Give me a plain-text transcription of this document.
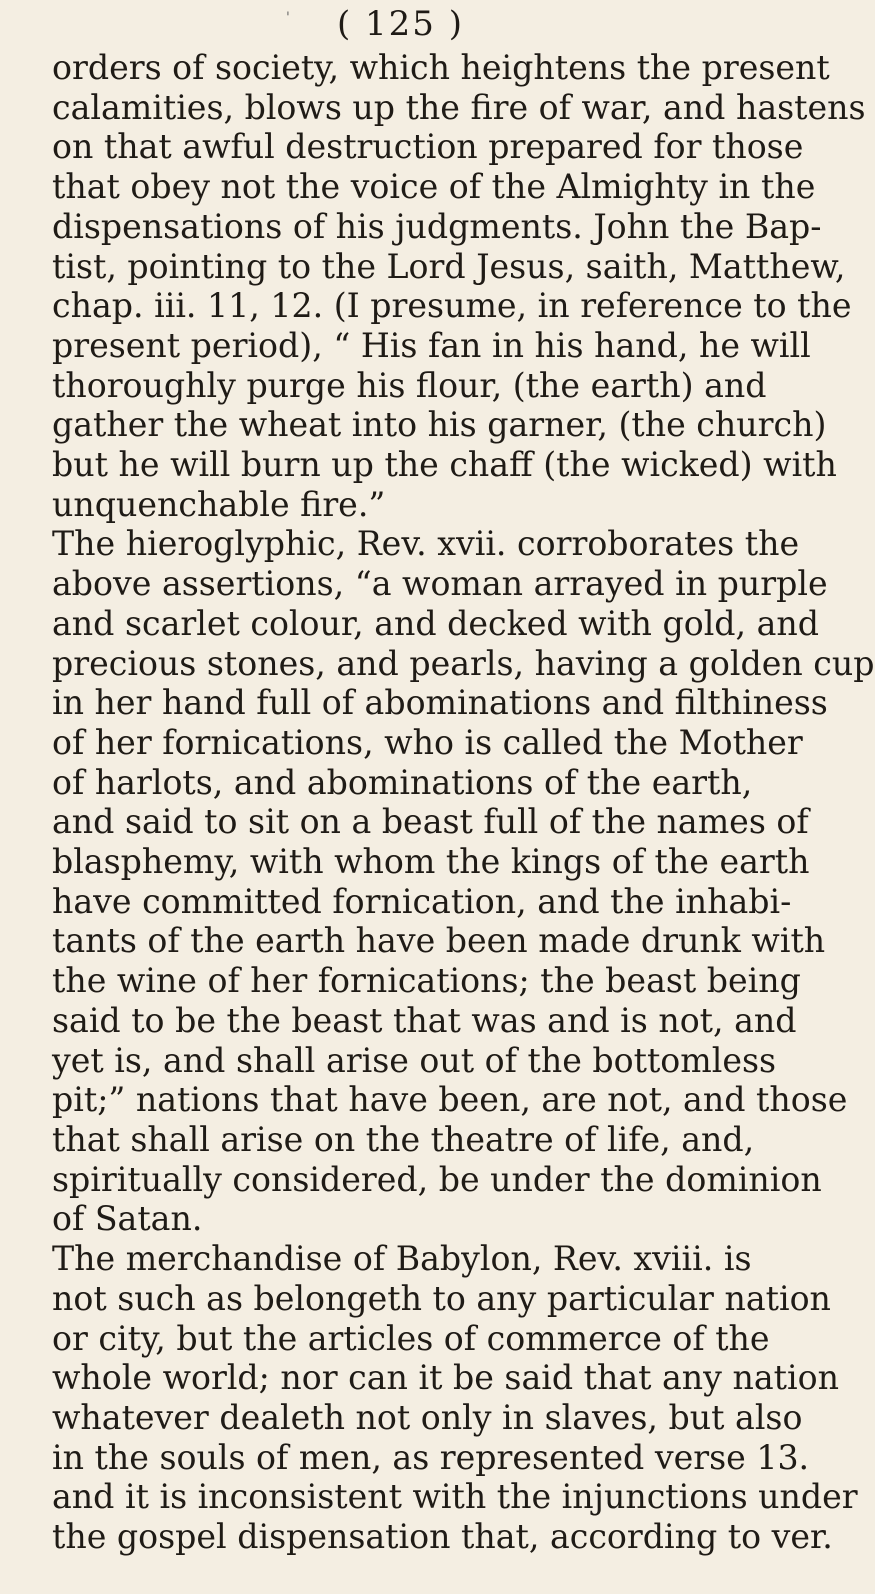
'	( 125 )
orders of society, which heightens the present
calamities, blows up the fire of war, and hastens
on that awful destruction prepared for those
that obey not the voice of the Almighty in the
dispensations of his judgments. John the Bap-
tist, pointing to the Lord Jesus, saith, Matthew,
chap. iii. 11, 12. (I presume, in reference to the
present period), “ His fan in his hand, he will
thoroughly purge his flour, (the earth) and
gather the wheat into his garner, (the church)
but he will burn up the chaff (the wicked) with
unquenchable fire.”
The hieroglyphic, Rev. xvii. corroborates the
above assertions, “a woman arrayed in purple
and scarlet colour, and decked with gold, and
precious stones, and pearls, having a golden cup
in her hand full of abominations and filthiness
of her fornications, who is called the Mother
of harlots, and abominations of the earth,
and said to sit on a beast full of the names of
blasphemy, with whom the kings of the earth
have committed fornication, and the inhabi-
tants of the earth have been made drunk with
the wine of her fornications; the beast being
said to be the beast that was and is not, and
yet is, and shall arise out of the bottomless
pit;” nations that have been, are not, and those
that shall arise on the theatre of life, and,
spiritually considered, be under the dominion
of Satan.
The merchandise of Babylon, Rev. xviii. is
not such as belongeth to any particular nation
or city, but the articles of commerce of the
whole world; nor can it be said that any nation
whatever dealeth not only in slaves, but also
in the souls of men, as represented verse 13.
and it is inconsistent with the injunctions under
the gospel dispensation that, according to ver.
